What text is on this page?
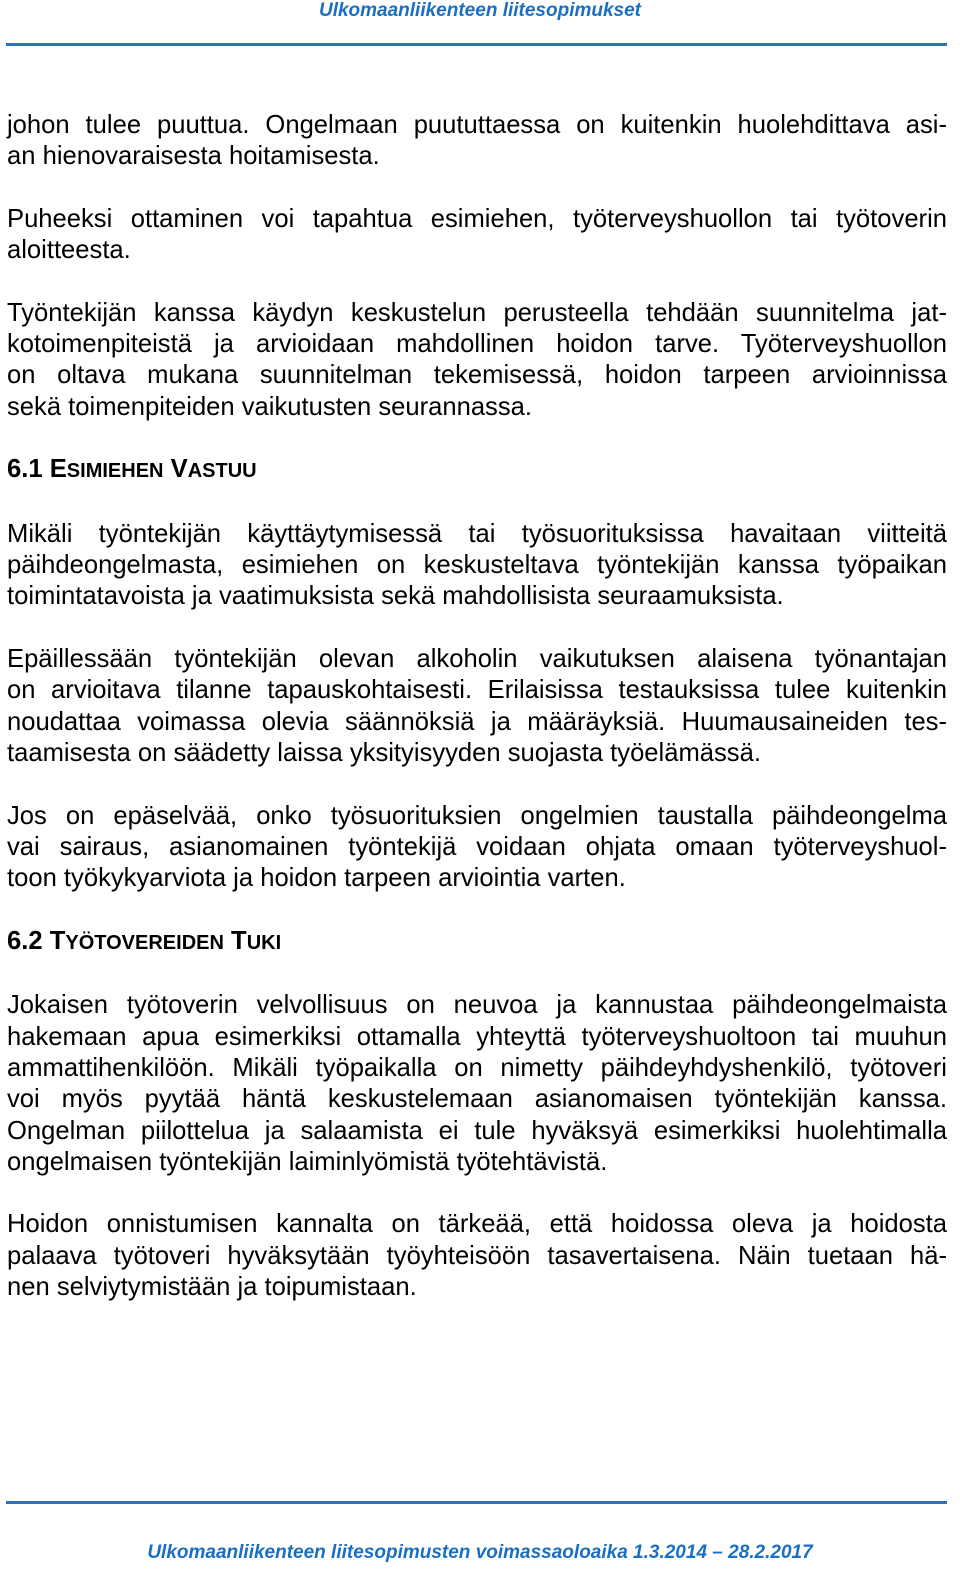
Ulkomaanliikenteen liitesopimukset
johon tulee puuttua. Ongelmaan puututtaessa on kuitenkin huolehdittava asi-
an hienovaraisesta hoitamisesta.
Puheeksi ottaminen voi tapahtua esimiehen, työterveyshuollon tai työtoverin
aloitteesta.
Työntekijän kanssa käydyn keskustelun perusteella tehdään suunnitelma jat-
kotoimenpiteistä ja arvioidaan mahdollinen hoidon tarve. Työterveyshuollon
on oltava mukana suunnitelman tekemisessä, hoidon tarpeen arvioinnissa
sekä toimenpiteiden vaikutusten seurannassa.
6.1 ESIMIEHEN VASTUU
Mikäli työntekijän käyttäytymisessä tai työsuorituksissa havaitaan viitteitä
päihdeongelmasta, esimiehen on keskusteltava työntekijän kanssa työpaikan
toimintatavoista ja vaatimuksista sekä mahdollisista seuraamuksista.
Epäillessään työntekijän olevan alkoholin vaikutuksen alaisena työnantajan
on arvioitava tilanne tapauskohtaisesti. Erilaisissa testauksissa tulee kuitenkin
noudattaa voimassa olevia säännöksiä ja määräyksiä. Huumausaineiden tes-
taamisesta on säädetty laissa yksityisyyden suojasta työelämässä.
Jos on epäselvää, onko työsuorituksien ongelmien taustalla päihdeongelma
vai sairaus, asianomainen työntekijä voidaan ohjata omaan työterveyshuol-
toon työkykyarviota ja hoidon tarpeen arviointia varten.
6.2 TYÖTOVEREIDEN TUKI
Jokaisen työtoverin velvollisuus on neuvoa ja kannustaa päihdeongelmaista
hakemaan apua esimerkiksi ottamalla yhteyttä työterveyshuoltoon tai muuhun
ammattihenkilöön. Mikäli työpaikalla on nimetty päihdeyhdyshenkilö, työtoveri
voi myös pyytää häntä keskustelemaan asianomaisen työntekijän kanssa.
Ongelman piilottelua ja salaamista ei tule hyväksyä esimerkiksi huolehtimalla
ongelmaisen työntekijän laiminlyömistä työtehtävistä.
Hoidon onnistumisen kannalta on tärkeää, että hoidossa oleva ja hoidosta
palaava työtoveri hyväksytään työyhteisöön tasavertaisena. Näin tuetaan hä-
nen selviytymistään ja toipumistaan.
Ulkomaanliikenteen liitesopimusten voimassaoloaika 1.3.2014 – 28.2.2017
